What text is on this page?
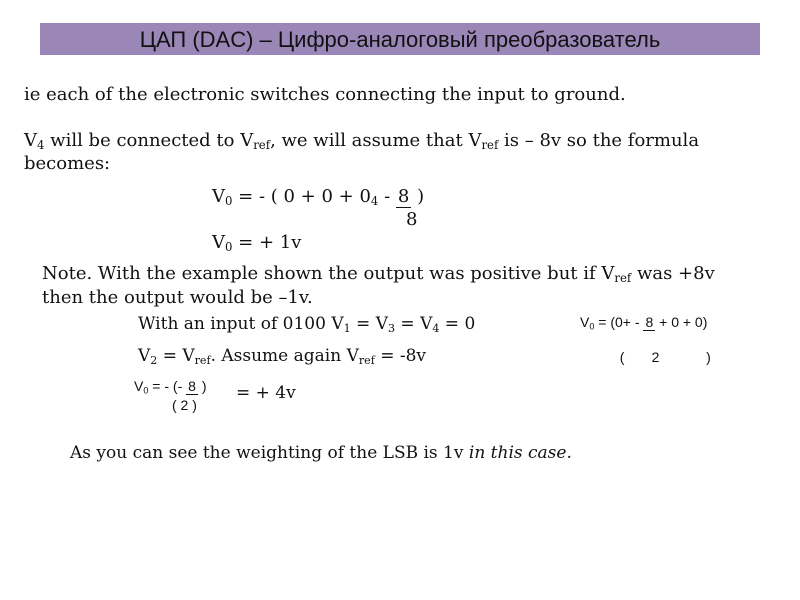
ЦАП (DAC) – Цифро-аналоговый преобразователь
ie each of the electronic switches connecting the input to ground.
$V_4$ will be connected to $V_{ref}$, we will assume that $V_{ref}$ is – 8v so the formula
becomes:
$V_0$ = - ( $0 + 0 + 0_4 - 8$ )
8
$V_0$ = + 1v
Note. With the example shown the output was positive but if $V_{ref}$ was +8v
then the output would be –1v.
With an input of 0100 $V_1 = V_3 = V_4 = 0$	$V_0 = (0+ - 8 + 0 + 0)$

(       2            )

$V_2 = V_{ref}$. Assume again $V_{ref} = -8v$
$V_0$ = - (- 8 )
( 2 )
= + 4v
As you can see the weighting of the LSB is 1v in this case.
